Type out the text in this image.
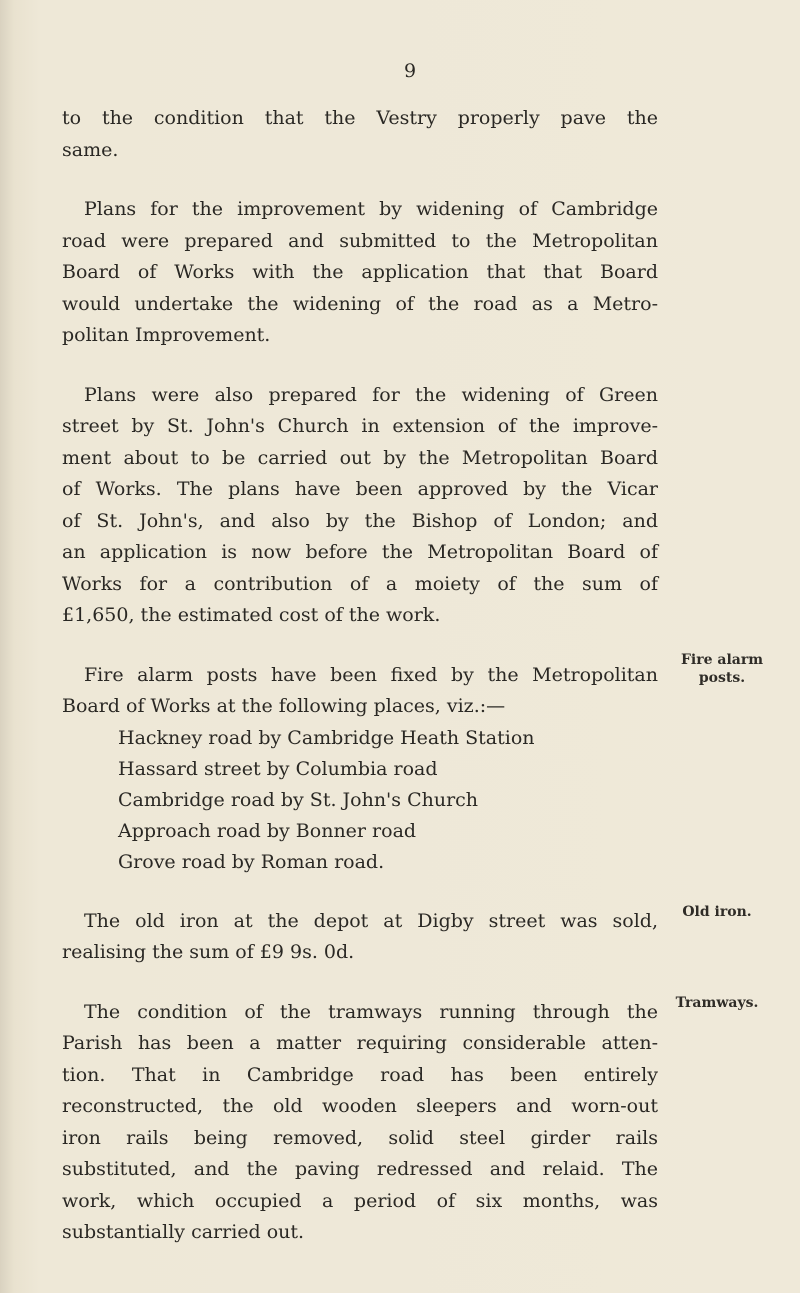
9
to the condition that the Vestry properly pave the
same.
Plans for the improvement by widening of Cambridge
road were prepared and submitted to the Metropolitan
Board of Works with the application that that Board
would undertake the widening of the road as a Metro-
politan Improvement.
Plans were also prepared for the widening of Green
street by St. John's Church in extension of the improve-
ment about to be carried out by the Metropolitan Board
of Works. The plans have been approved by the Vicar
of St. John's, and also by the Bishop of London; and
an application is now before the Metropolitan Board of
Works for a contribution of a moiety of the sum of
£1,650, the estimated cost of the work.
Fire alarm posts have been fixed by the Metropolitan
Board of Works at the following places, viz.:—
Hackney road by Cambridge Heath Station
Hassard street by Columbia road
Cambridge road by St. John's Church
Approach road by Bonner road
Grove road by Roman road.
The old iron at the depot at Digby street was sold,
realising the sum of £9 9s. 0d.
The condition of the tramways running through the
Parish has been a matter requiring considerable atten-
tion. That in Cambridge road has been entirely
reconstructed, the old wooden sleepers and worn-out
iron rails being removed, solid steel girder rails
substituted, and the paving redressed and relaid. The
work, which occupied a period of six months, was
substantially carried out.
Fire alarm
posts.
Old iron.
Tramways.
